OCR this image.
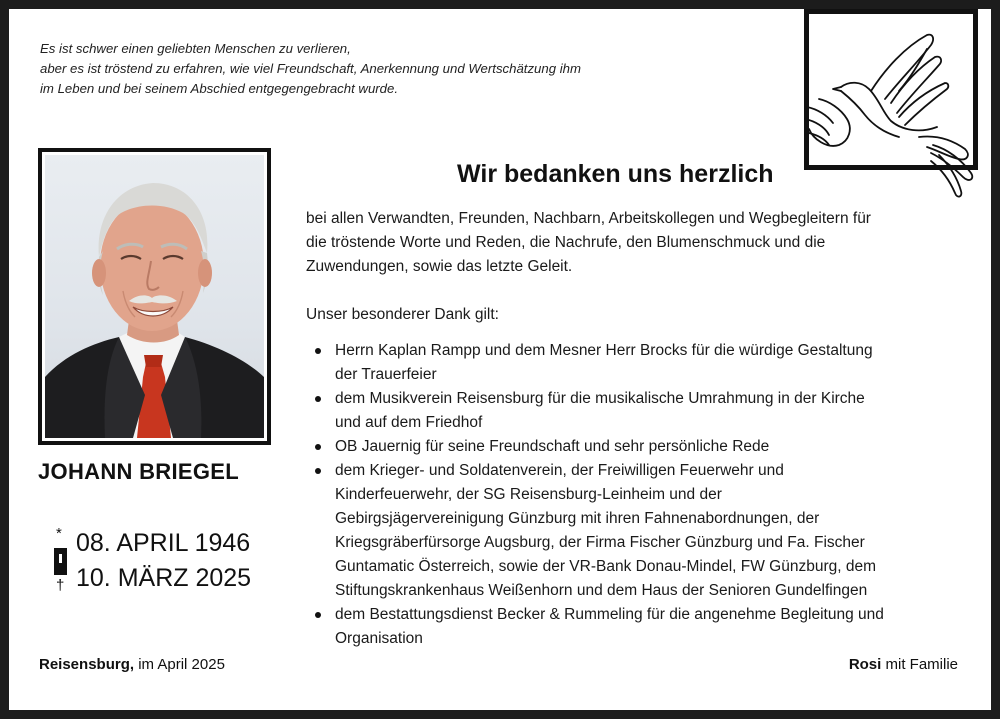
Es ist schwer einen geliebten Menschen zu verlieren,
aber es ist tröstend zu erfahren, wie viel Freundschaft, Anerkennung und Wertschätzung ihm
im Leben und bei seinem Abschied entgegengebracht wurde.
JOHANN BRIEGEL
* 08. APRIL 1946
† 10. MÄRZ 2025
Wir bedanken uns herzlich
bei allen Verwandten, Freunden, Nachbarn, Arbeitskollegen und Wegbegleitern für
die tröstende Worte und Reden, die Nachrufe, den Blumenschmuck und die
Zuwendungen, sowie das letzte Geleit.
Unser besonderer Dank gilt:
Herrn Kaplan Rampp und dem Mesner Herr Brocks für die würdige Gestaltung
der Trauerfeier
dem Musikverein Reisensburg für die musikalische Umrahmung in der Kirche
und auf dem Friedhof
OB Jauernig für seine Freundschaft und sehr persönliche Rede
dem Krieger- und Soldatenverein, der Freiwilligen Feuerwehr und
Kinderfeuerwehr, der SG Reisensburg-Leinheim und der
Gebirgsjägervereinigung Günzburg mit ihren Fahnenabordnungen, der
Kriegsgräberfürsorge Augsburg, der Firma Fischer Günzburg und Fa. Fischer
Guntamatic Österreich, sowie der VR-Bank Donau-Mindel, FW Günzburg, dem
Stiftungskrankenhaus Weißenhorn und dem Haus der Senioren Gundelfingen
dem Bestattungsdienst Becker & Rummeling für die angenehme Begleitung und
Organisation
Reisensburg, im April 2025	Rosi mit Familie
